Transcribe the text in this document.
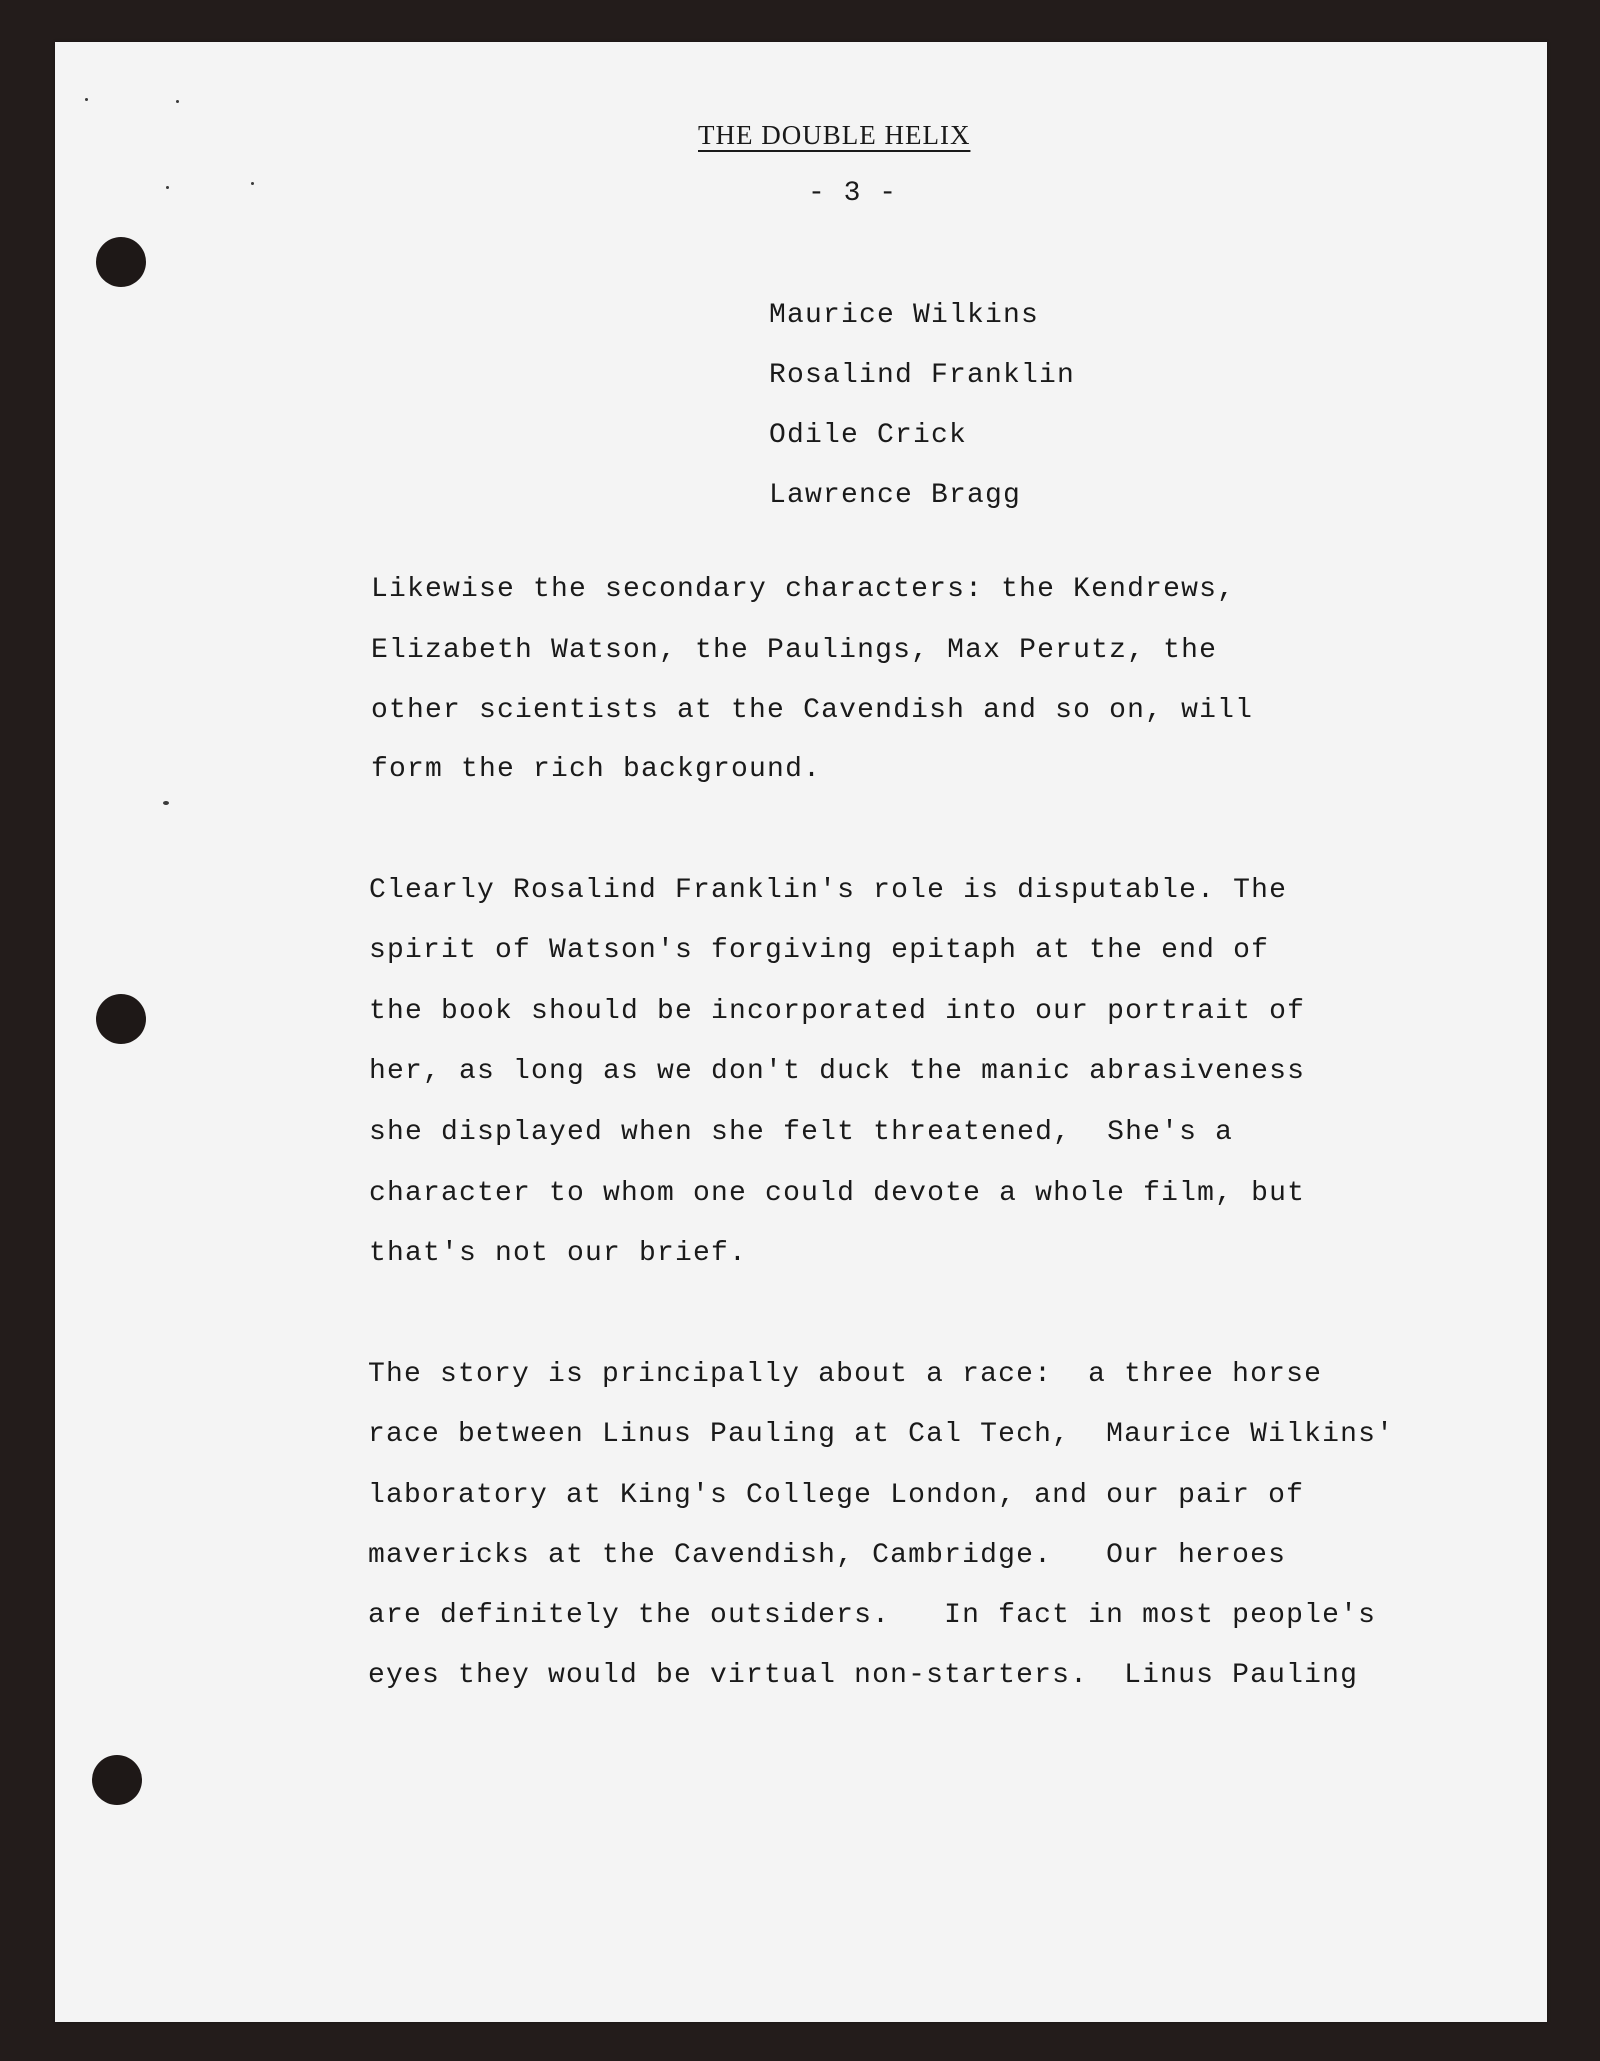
THE DOUBLE HELIX
- 3 -
Maurice Wilkins
Rosalind Franklin
Odile Crick
Lawrence Bragg
Likewise the secondary characters: the Kendrews,
Elizabeth Watson, the Paulings, Max Perutz, the
other scientists at the Cavendish and so on, will
form the rich background.
Clearly Rosalind Franklin's role is disputable. The
spirit of Watson's forgiving epitaph at the end of
the book should be incorporated into our portrait of
her, as long as we don't duck the manic abrasiveness
she displayed when she felt threatened,  She's a
character to whom one could devote a whole film, but
that's not our brief.
The story is principally about a race:  a three horse
race between Linus Pauling at Cal Tech,  Maurice Wilkins'
laboratory at King's College London, and our pair of
mavericks at the Cavendish, Cambridge.   Our heroes
are definitely the outsiders.   In fact in most people's
eyes they would be virtual non-starters.  Linus Pauling
